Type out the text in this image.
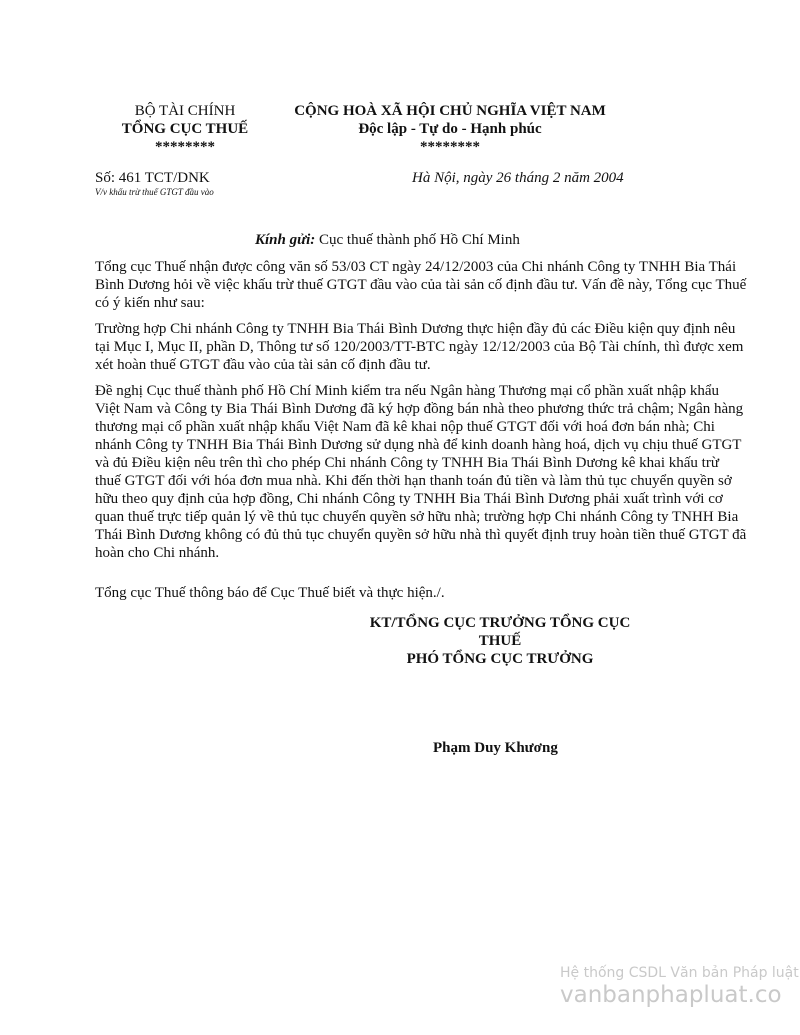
BỘ TÀI CHÍNH
TỔNG CỤC THUẾ
********
CỘNG HOÀ XÃ HỘI CHỦ NGHĨA VIỆT NAM
Độc lập - Tự do - Hạnh phúc
********
Số: 461 TCT/DNK
V/v khấu trừ thuế GTGT đầu vào
Hà Nội, ngày 26 tháng 2 năm 2004
Kính gửi: Cục thuế thành phố Hồ Chí Minh

Tổng cục Thuế nhận được công văn số 53/03 CT ngày 24/12/2003 của Chi nhánh Công ty TNHH Bia Thái Bình Dương hỏi về việc khấu trừ thuế GTGT đầu vào của tài sản cố định đầu tư. Vấn đề này, Tổng cục Thuế có ý kiến như sau:

Trường hợp Chi nhánh Công ty TNHH Bia Thái Bình Dương thực hiện đầy đủ các Điều kiện quy định nêu tại Mục I, Mục II, phần D, Thông tư số 120/2003/TT-BTC ngày 12/12/2003 của Bộ Tài chính, thì được xem xét hoàn thuế GTGT đầu vào của tài sản cố định đầu tư.

Đề nghị Cục thuế thành phố Hồ Chí Minh kiểm tra nếu Ngân hàng Thương mại cổ phần xuất nhập khẩu Việt Nam và Công ty Bia Thái Bình Dương đã ký hợp đồng bán nhà theo phương thức trả chậm; Ngân hàng thương mại cổ phần xuất nhập khẩu Việt Nam đã kê khai nộp thuế GTGT đối với hoá đơn bán nhà; Chi nhánh Công ty TNHH Bia Thái Bình Dương sử dụng nhà để kinh doanh hàng hoá, dịch vụ chịu thuế GTGT và đủ Điều kiện nêu trên thì cho phép Chi nhánh Công ty TNHH Bia Thái Bình Dương kê khai khấu trừ thuế GTGT đối với hóa đơn mua nhà. Khi đến thời hạn thanh toán đủ tiền và làm thủ tục chuyển quyền sở hữu theo quy định của hợp đồng, Chi nhánh Công ty TNHH Bia Thái Bình Dương phải xuất trình với cơ quan thuế trực tiếp quản lý về thủ tục chuyển quyền sở hữu nhà; trường hợp Chi nhánh Công ty TNHH Bia Thái Bình Dương không có đủ thủ tục chuyển quyền sở hữu nhà thì quyết định truy hoàn tiền thuế GTGT đã hoàn cho Chi nhánh.

Tổng cục Thuế thông báo để Cục Thuế biết và thực hiện./.

KT/TỔNG CỤC TRƯỞNG TỔNG CỤC
THUẾ
PHÓ TỔNG CỤC TRƯỞNG
Phạm Duy Khương
Hệ thống CSDL Văn bản Pháp luật
vanbanphapluat.co
